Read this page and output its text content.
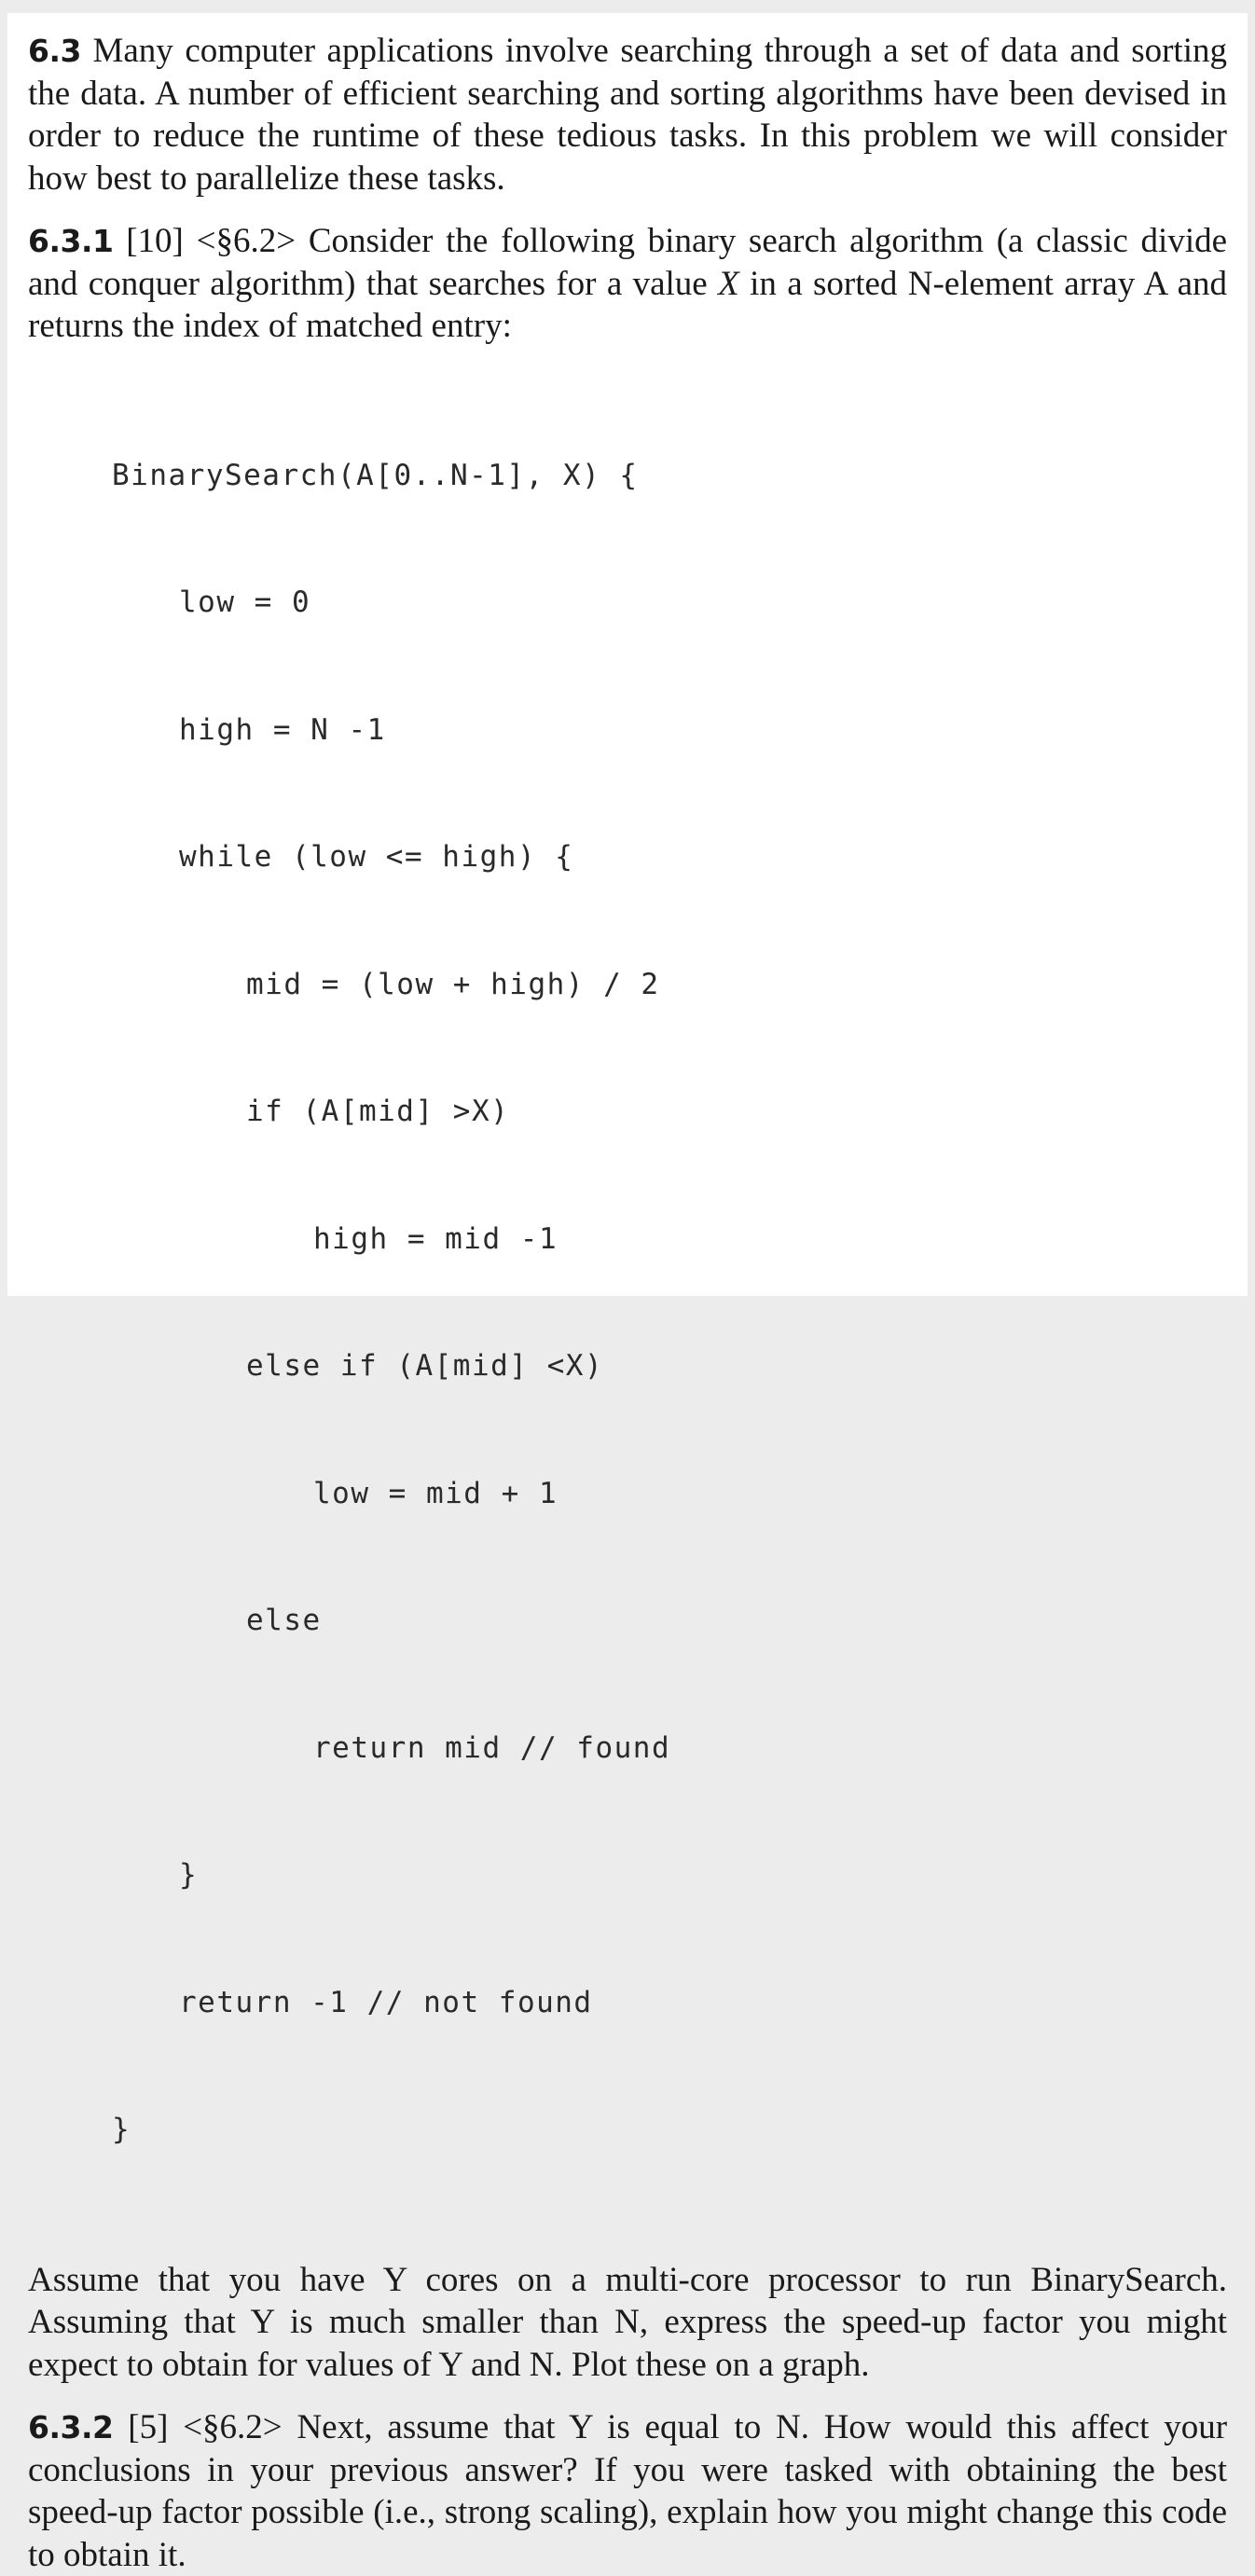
6.3 Many computer applications involve searching through a set of data and sorting the data. A number of efficient searching and sorting algorithms have been devised in order to reduce the runtime of these tedious tasks. In this problem we will consider how best to parallelize these tasks.

6.3.1 [10] <§6.2> Consider the following binary search algorithm (a classic divide and conquer algorithm) that searches for a value X in a sorted N-element array A and returns the index of matched entry:

BinarySearch(A[0..N-1], X) {

low = 0

high = N -1

while (low <= high) {

mid = (low + high) / 2

if (A[mid] >X)

high = mid -1

else if (A[mid] <X)

low = mid + 1

else

return mid // found

}

return -1 // not found

}

Assume that you have Y cores on a multi-core processor to run BinarySearch. Assuming that Y is much smaller than N, express the speed-up factor you might expect to obtain for values of Y and N. Plot these on a graph.

6.3.2 [5] <§6.2> Next, assume that Y is equal to N. How would this affect your conclusions in your previous answer? If you were tasked with obtaining the best speed-up factor possible (i.e., strong scaling), explain how you might change this code to obtain it.
